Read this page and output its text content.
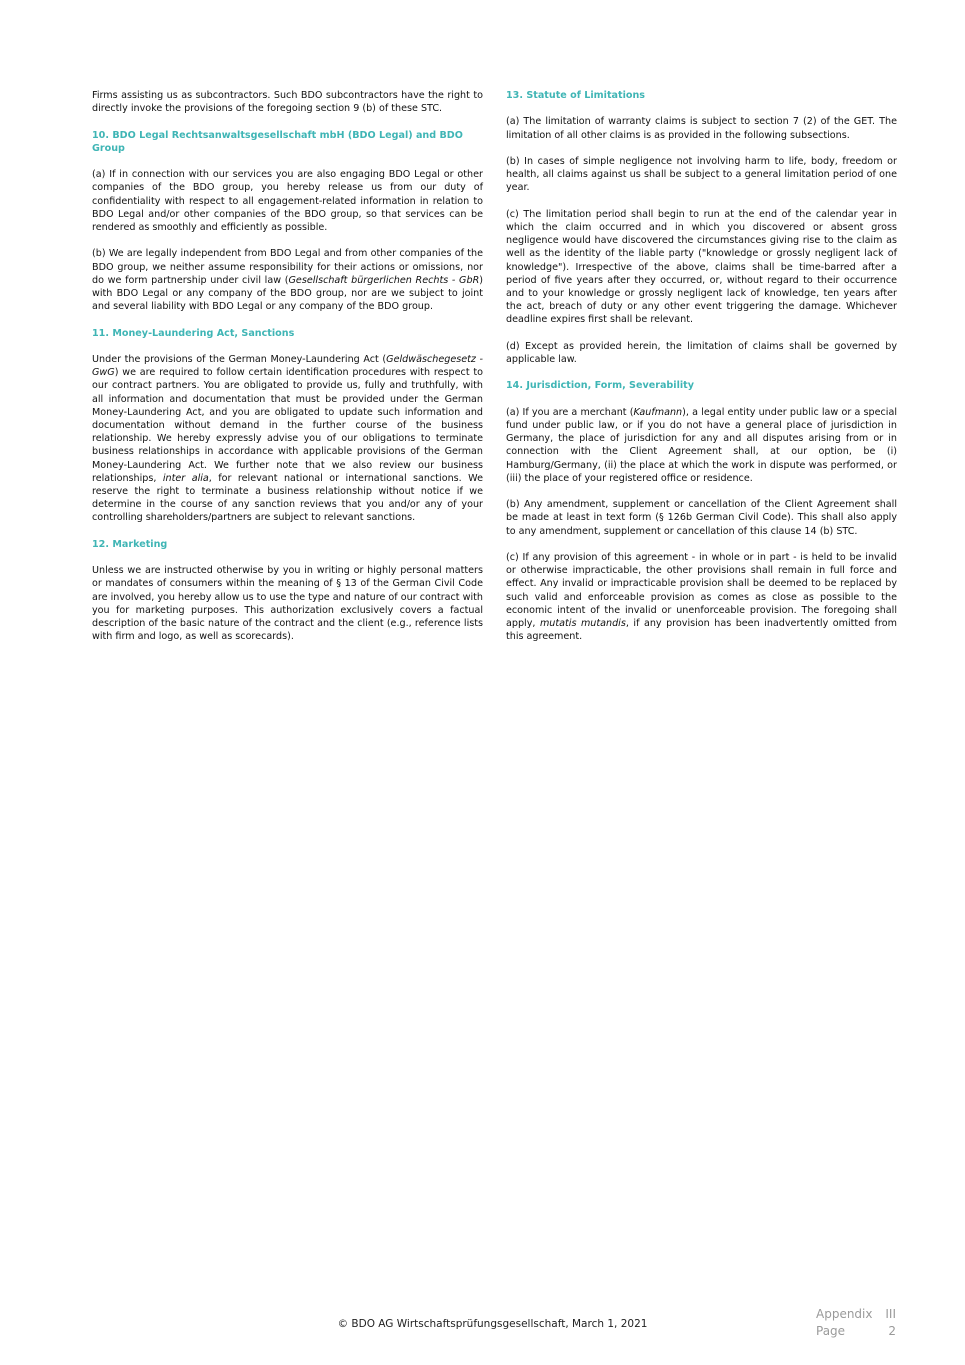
Firms assisting us as subcontractors. Such BDO subcontractors have the right to directly invoke the provisions of the foregoing section 9 (b) of these STC.

10. BDO Legal Rechtsanwaltsgesellschaft mbH (BDO Legal) and BDO Group

(a) If in connection with our services you are also engaging BDO Legal or other companies of the BDO group, you hereby release us from our duty of confidentiality with respect to all engagement-related information in relation to BDO Legal and/or other companies of the BDO group, so that services can be rendered as smoothly and efficiently as possible.

(b) We are legally independent from BDO Legal and from other companies of the BDO group, we neither assume responsibility for their actions or omissions, nor do we form partnership under civil law (Gesellschaft bürgerlichen Rechts - GbR) with BDO Legal or any company of the BDO group, nor are we subject to joint and several liability with BDO Legal or any company of the BDO group.

11. Money-Laundering Act, Sanctions

Under the provisions of the German Money-Laundering Act (Geldwäschegesetz - GwG) we are required to follow certain identification procedures with respect to our contract partners. You are obligated to provide us, fully and truthfully, with all information and documentation that must be provided under the German Money-Laundering Act, and you are obligated to update such information and documentation without demand in the further course of the business relationship. We hereby expressly advise you of our obligations to terminate business relationships in accordance with applicable provisions of the German Money-Laundering Act. We further note that we also review our business relationships, inter alia, for relevant national or international sanctions. We reserve the right to terminate a business relationship without notice if we determine in the course of any sanction reviews that you and/or any of your controlling shareholders/partners are subject to relevant sanctions.

12. Marketing

Unless we are instructed otherwise by you in writing or highly personal matters or mandates of consumers within the meaning of § 13 of the German Civil Code are involved, you hereby allow us to use the type and nature of our contract with you for marketing purposes. This authorization exclusively covers a factual description of the basic nature of the contract and the client (e.g., reference lists with firm and logo, as well as scorecards).

13. Statute of Limitations

(a) The limitation of warranty claims is subject to section 7 (2) of the GET. The limitation of all other claims is as provided in the following subsections.

(b) In cases of simple negligence not involving harm to life, body, freedom or health, all claims against us shall be subject to a general limitation period of one year.

(c) The limitation period shall begin to run at the end of the calendar year in which the claim occurred and in which you discovered or absent gross negligence would have discovered the circumstances giving rise to the claim as well as the identity of the liable party ("knowledge or grossly negligent lack of knowledge"). Irrespective of the above, claims shall be time-barred after a period of five years after they occurred, or, without regard to their occurrence and to your knowledge or grossly negligent lack of knowledge, ten years after the act, breach of duty or any other event triggering the damage. Whichever deadline expires first shall be relevant.

(d) Except as provided herein, the limitation of claims shall be governed by applicable law.

14. Jurisdiction, Form, Severability

(a) If you are a merchant (Kaufmann), a legal entity under public law or a special fund under public law, or if you do not have a general place of jurisdiction in Germany, the place of jurisdiction for any and all disputes arising from or in connection with the Client Agreement shall, at our option, be (i) Hamburg/Germany, (ii) the place at which the work in dispute was performed, or (iii) the place of your registered office or residence.

(b) Any amendment, supplement or cancellation of the Client Agreement shall be made at least in text form (§ 126b German Civil Code). This shall also apply to any amendment, supplement or cancellation of this clause 14 (b) STC.

(c) If any provision of this agreement - in whole or in part - is held to be invalid or otherwise impracticable, the other provisions shall remain in full force and effect. Any invalid or impracticable provision shall be deemed to be replaced by such valid and enforceable provision as comes as close as possible to the economic intent of the invalid or unenforceable provision. The foregoing shall apply, mutatis mutandis, if any provision has been inadvertently omitted from this agreement.

© BDO AG Wirtschaftsprüfungsgesellschaft, March 1, 2021
Appendix III
Page	2
